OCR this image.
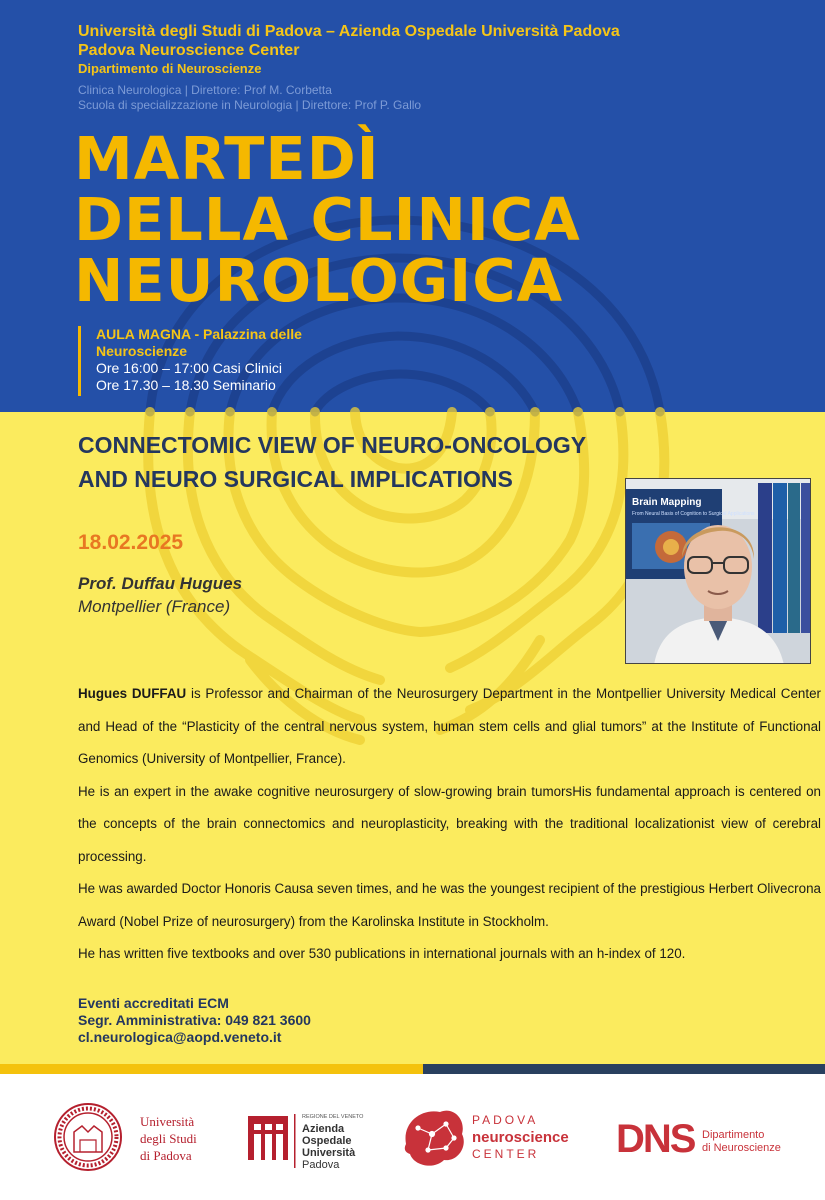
Università degli Studi di Padova – Azienda Ospedale Università Padova
Padova Neuroscience Center
Dipartimento di Neuroscienze
Clinica Neurologica | Direttore: Prof M. Corbetta
Scuola di specializzazione in Neurologia | Direttore: Prof P. Gallo
MARTEDÌ
DELLA CLINICA
NEUROLOGICA
AULA MAGNA - Palazzina delle
Neuroscienze
Ore 16:00 – 17:00 Casi Clinici
Ore 17.30 – 18.30 Seminario
CONNECTOMIC VIEW OF NEURO-ONCOLOGY
AND NEURO SURGICAL IMPLICATIONS
18.02.2025
Prof. Duffau Hugues
Montpellier (France)
Brain Mapping
From Neural Basis of Cognition to Surgical Applications

Hugues DUFFAU is Professor and Chairman of the Neurosurgery Department in the Montpellier University Medical Center and Head of the “Plasticity of the central nervous system, human stem cells and glial tumors” at the Institute of Functional Genomics (University of Montpellier, France).

He is an expert in the awake cognitive neurosurgery of slow-growing brain tumorsHis fundamental approach is centered on the concepts of the brain connectomics and neuroplasticity, breaking with the traditional localizationist view of cerebral processing.

He was awarded Doctor Honoris Causa seven times, and he was the youngest recipient of the prestigious Herbert Olivecrona Award (Nobel Prize of neurosurgery) from the Karolinska Institute in Stockholm.

He has written five textbooks and over 530 publications in international journals with an h-index of 120.

Eventi accreditati ECM
Segr. Amministrativa: 049 821 3600
cl.neurologica@aopd.veneto.it
Università
degli Studi
di Padova
REGIONE DEL VENETO
Azienda
Ospedale
Università
Padova
PADOVA
neuroscience
CENTER DNS Dipartimento
di Neuroscienze
